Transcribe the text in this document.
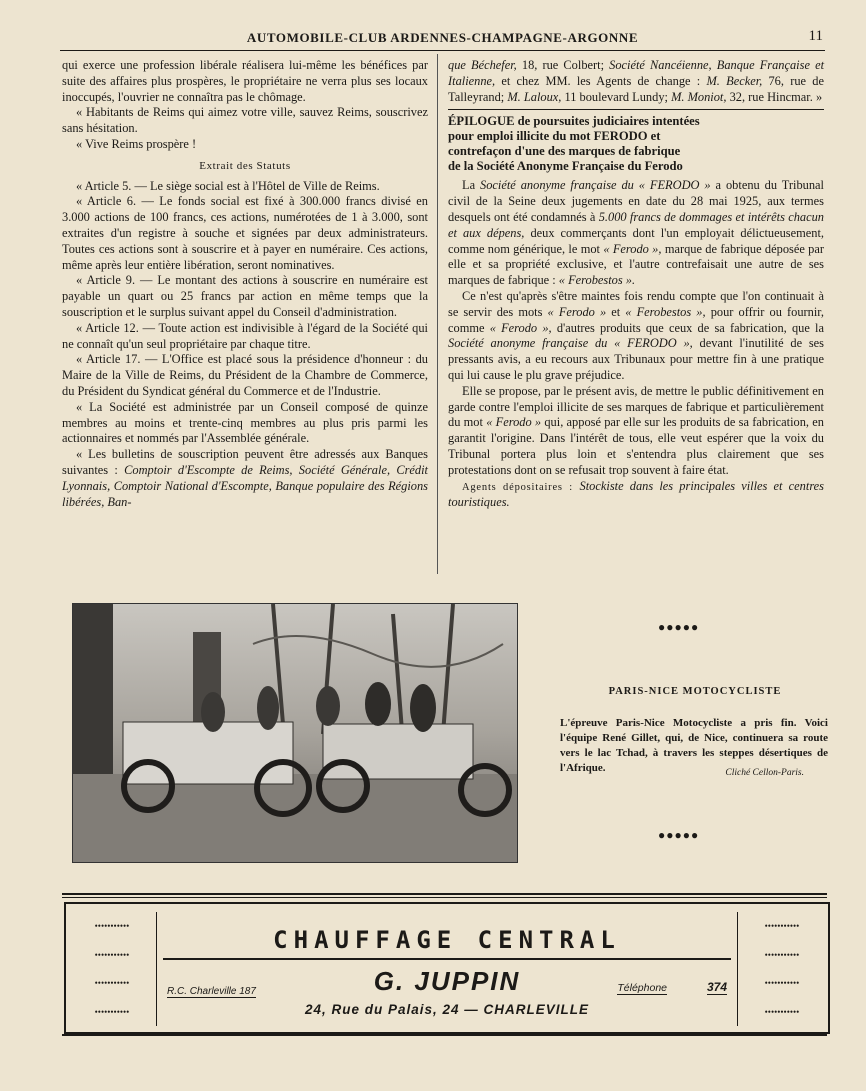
AUTOMOBILE-CLUB ARDENNES-CHAMPAGNE-ARGONNE	11

qui exerce une profession libérale réalisera lui-même les bénéfices par suite des affaires plus prospères, le propriétaire ne verra plus ses locaux inoccupés, l'ouvrier ne connaîtra pas le chômage.

« Habitants de Reims qui aimez votre ville, sauvez Reims, souscrivez sans hésitation.

« Vive Reims prospère !

Extrait des Statuts

« Article 5. — Le siège social est à l'Hôtel de Ville de Reims.

« Article 6. — Le fonds social est fixé à 300.000 francs divisé en 3.000 actions de 100 francs, ces actions, numérotées de 1 à 3.000, sont extraites d'un registre à souche et signées par deux administrateurs. Toutes ces actions sont à souscrire et à payer en numéraire. Ces actions, même après leur entière libération, seront nominatives.

« Article 9. — Le montant des actions à souscrire en numéraire est payable un quart ou 25 francs par action en même temps que la souscription et le surplus suivant appel du Conseil d'administration.

« Article 12. — Toute action est indivisible à l'égard de la Société qui ne connaît qu'un seul propriétaire par chaque titre.

« Article 17. — L'Office est placé sous la présidence d'honneur : du Maire de la Ville de Reims, du Président de la Chambre de Commerce, du Président du Syndicat général du Commerce et de l'Industrie.

« La Société est administrée par un Conseil composé de quinze membres au moins et trente-cinq membres au plus pris parmi les actionnaires et nommés par l'Assemblée générale.

« Les bulletins de souscription peuvent être adressés aux Banques suivantes : Comptoir d'Escompte de Reims, Société Générale, Crédit Lyonnais, Comptoir National d'Escompte, Banque populaire des Régions libérées, Ban-

que Béchefer, 18, rue Colbert; Société Nancéienne, Banque Française et Italienne, et chez MM. les Agents de change : M. Becker, 76, rue de Talleyrand; M. Laloux, 11 boulevard Lundy; M. Moniot, 32, rue Hincmar. »

ÉPILOGUE de poursuites judiciaires intentées
pour emploi illicite du mot FERODO et
contrefaçon d'une des marques de fabrique
de la Société Anonyme Française du Ferodo

La Société anonyme française du « FERODO » a obtenu du Tribunal civil de la Seine deux jugements en date du 28 mai 1925, aux termes desquels ont été condamnés à 5.000 francs de dommages et intérêts chacun et aux dépens, deux commerçants dont l'un employait délictueusement, comme nom générique, le mot « Ferodo », marque de fabrique déposée par elle et sa propriété exclusive, et l'autre contrefaisait une autre de ses marques de fabrique : « Ferobestos ».

Ce n'est qu'après s'être maintes fois rendu compte que l'on continuait à se servir des mots « Ferodo » et « Ferobestos », pour offrir ou fournir, comme « Ferodo », d'autres produits que ceux de sa fabrication, que la Société anonyme française du « FERODO », devant l'inutilité de ses pressants avis, a eu recours aux Tribunaux pour mettre fin à une pratique qui lui cause le plu grave préjudice.

Elle se propose, par le présent avis, de mettre le public définitivement en garde contre l'emploi illicite de ses marques de fabrique et particulièrement du mot « Ferodo » qui, apposé par elle sur les produits de sa fabrication, en garantit l'origine. Dans l'intérêt de tous, elle veut espérer que la voix du Tribunal portera plus loin et s'entendra plus clairement que ses protestations dont on se refusait trop souvent à faire état.

Agents dépositaires : Stockiste dans les principales villes et centres touristiques.

●●●●●
PARIS-NICE MOTOCYCLISTE
L'épreuve Paris-Nice Motocycliste a pris fin. Voici l'équipe René Gillet, qui, de Nice, continuera sa route vers le lac Tchad, à travers les steppes désertiques de l'Afrique.	Cliché Cellon-Paris.
●●●●●
•••••••••••
•••••••••••
•••••••••••
•••••••••••
•••••••••••
•••••••••••
•••••••••••
•••••••••••
CHAUFFAGE CENTRAL
G. JUPPIN
R.C. Charleville 187	Téléphone	374
24, Rue du Palais, 24 — CHARLEVILLE
